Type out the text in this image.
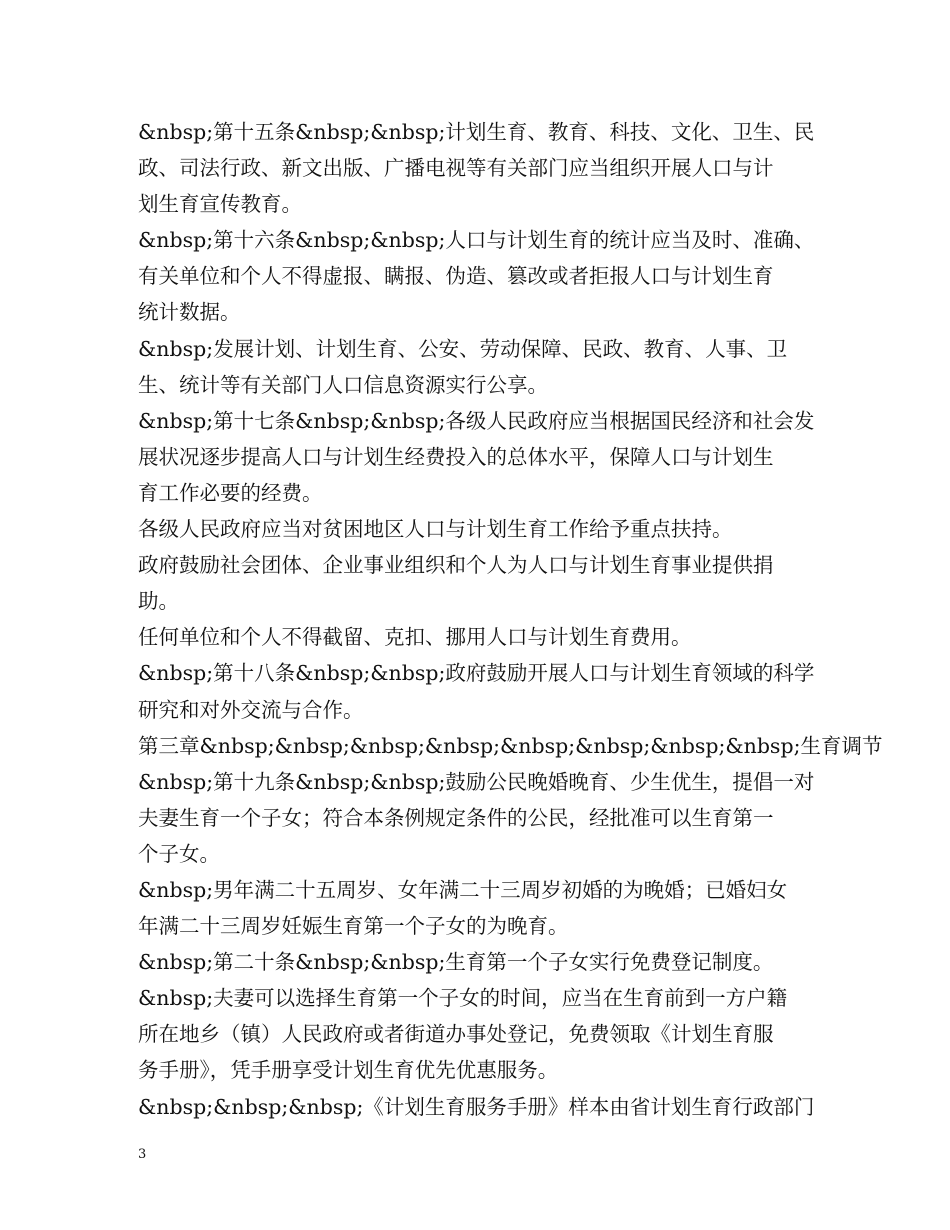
&nbsp;第十五条&nbsp;&nbsp;计划生育、教育、科技、文化、卫生、民
政、司法行政、新文出版、广播电视等有关部门应当组织开展人口与计
划生育宣传教育。
&nbsp;第十六条&nbsp;&nbsp;人口与计划生育的统计应当及时、准确、
有关单位和个人不得虚报、瞒报、伪造、篡改或者拒报人口与计划生育
统计数据。
&nbsp;发展计划、计划生育、公安、劳动保障、民政、教育、人事、卫
生、统计等有关部门人口信息资源实行公享。
&nbsp;第十七条&nbsp;&nbsp;各级人民政府应当根据国民经济和社会发
展状况逐步提高人口与计划生经费投入的总体水平，保障人口与计划生
育工作必要的经费。
各级人民政府应当对贫困地区人口与计划生育工作给予重点扶持。
政府鼓励社会团体、企业事业组织和个人为人口与计划生育事业提供捐
助。
任何单位和个人不得截留、克扣、挪用人口与计划生育费用。
&nbsp;第十八条&nbsp;&nbsp;政府鼓励开展人口与计划生育领域的科学
研究和对外交流与合作。
第三章&nbsp;&nbsp;&nbsp;&nbsp;&nbsp;&nbsp;&nbsp;&nbsp;生育调节
&nbsp;第十九条&nbsp;&nbsp;鼓励公民晚婚晚育、少生优生，提倡一对
夫妻生育一个子女；符合本条例规定条件的公民，经批准可以生育第一
个子女。
&nbsp;男年满二十五周岁、女年满二十三周岁初婚的为晚婚；已婚妇女
年满二十三周岁妊娠生育第一个子女的为晚育。
&nbsp;第二十条&nbsp;&nbsp;生育第一个子女实行免费登记制度。
&nbsp;夫妻可以选择生育第一个子女的时间，应当在生育前到一方户籍
所在地乡（镇）人民政府或者街道办事处登记，免费领取《计划生育服
务手册》，凭手册享受计划生育优先优惠服务。
&nbsp;&nbsp;&nbsp;《计划生育服务手册》样本由省计划生育行政部门
3
